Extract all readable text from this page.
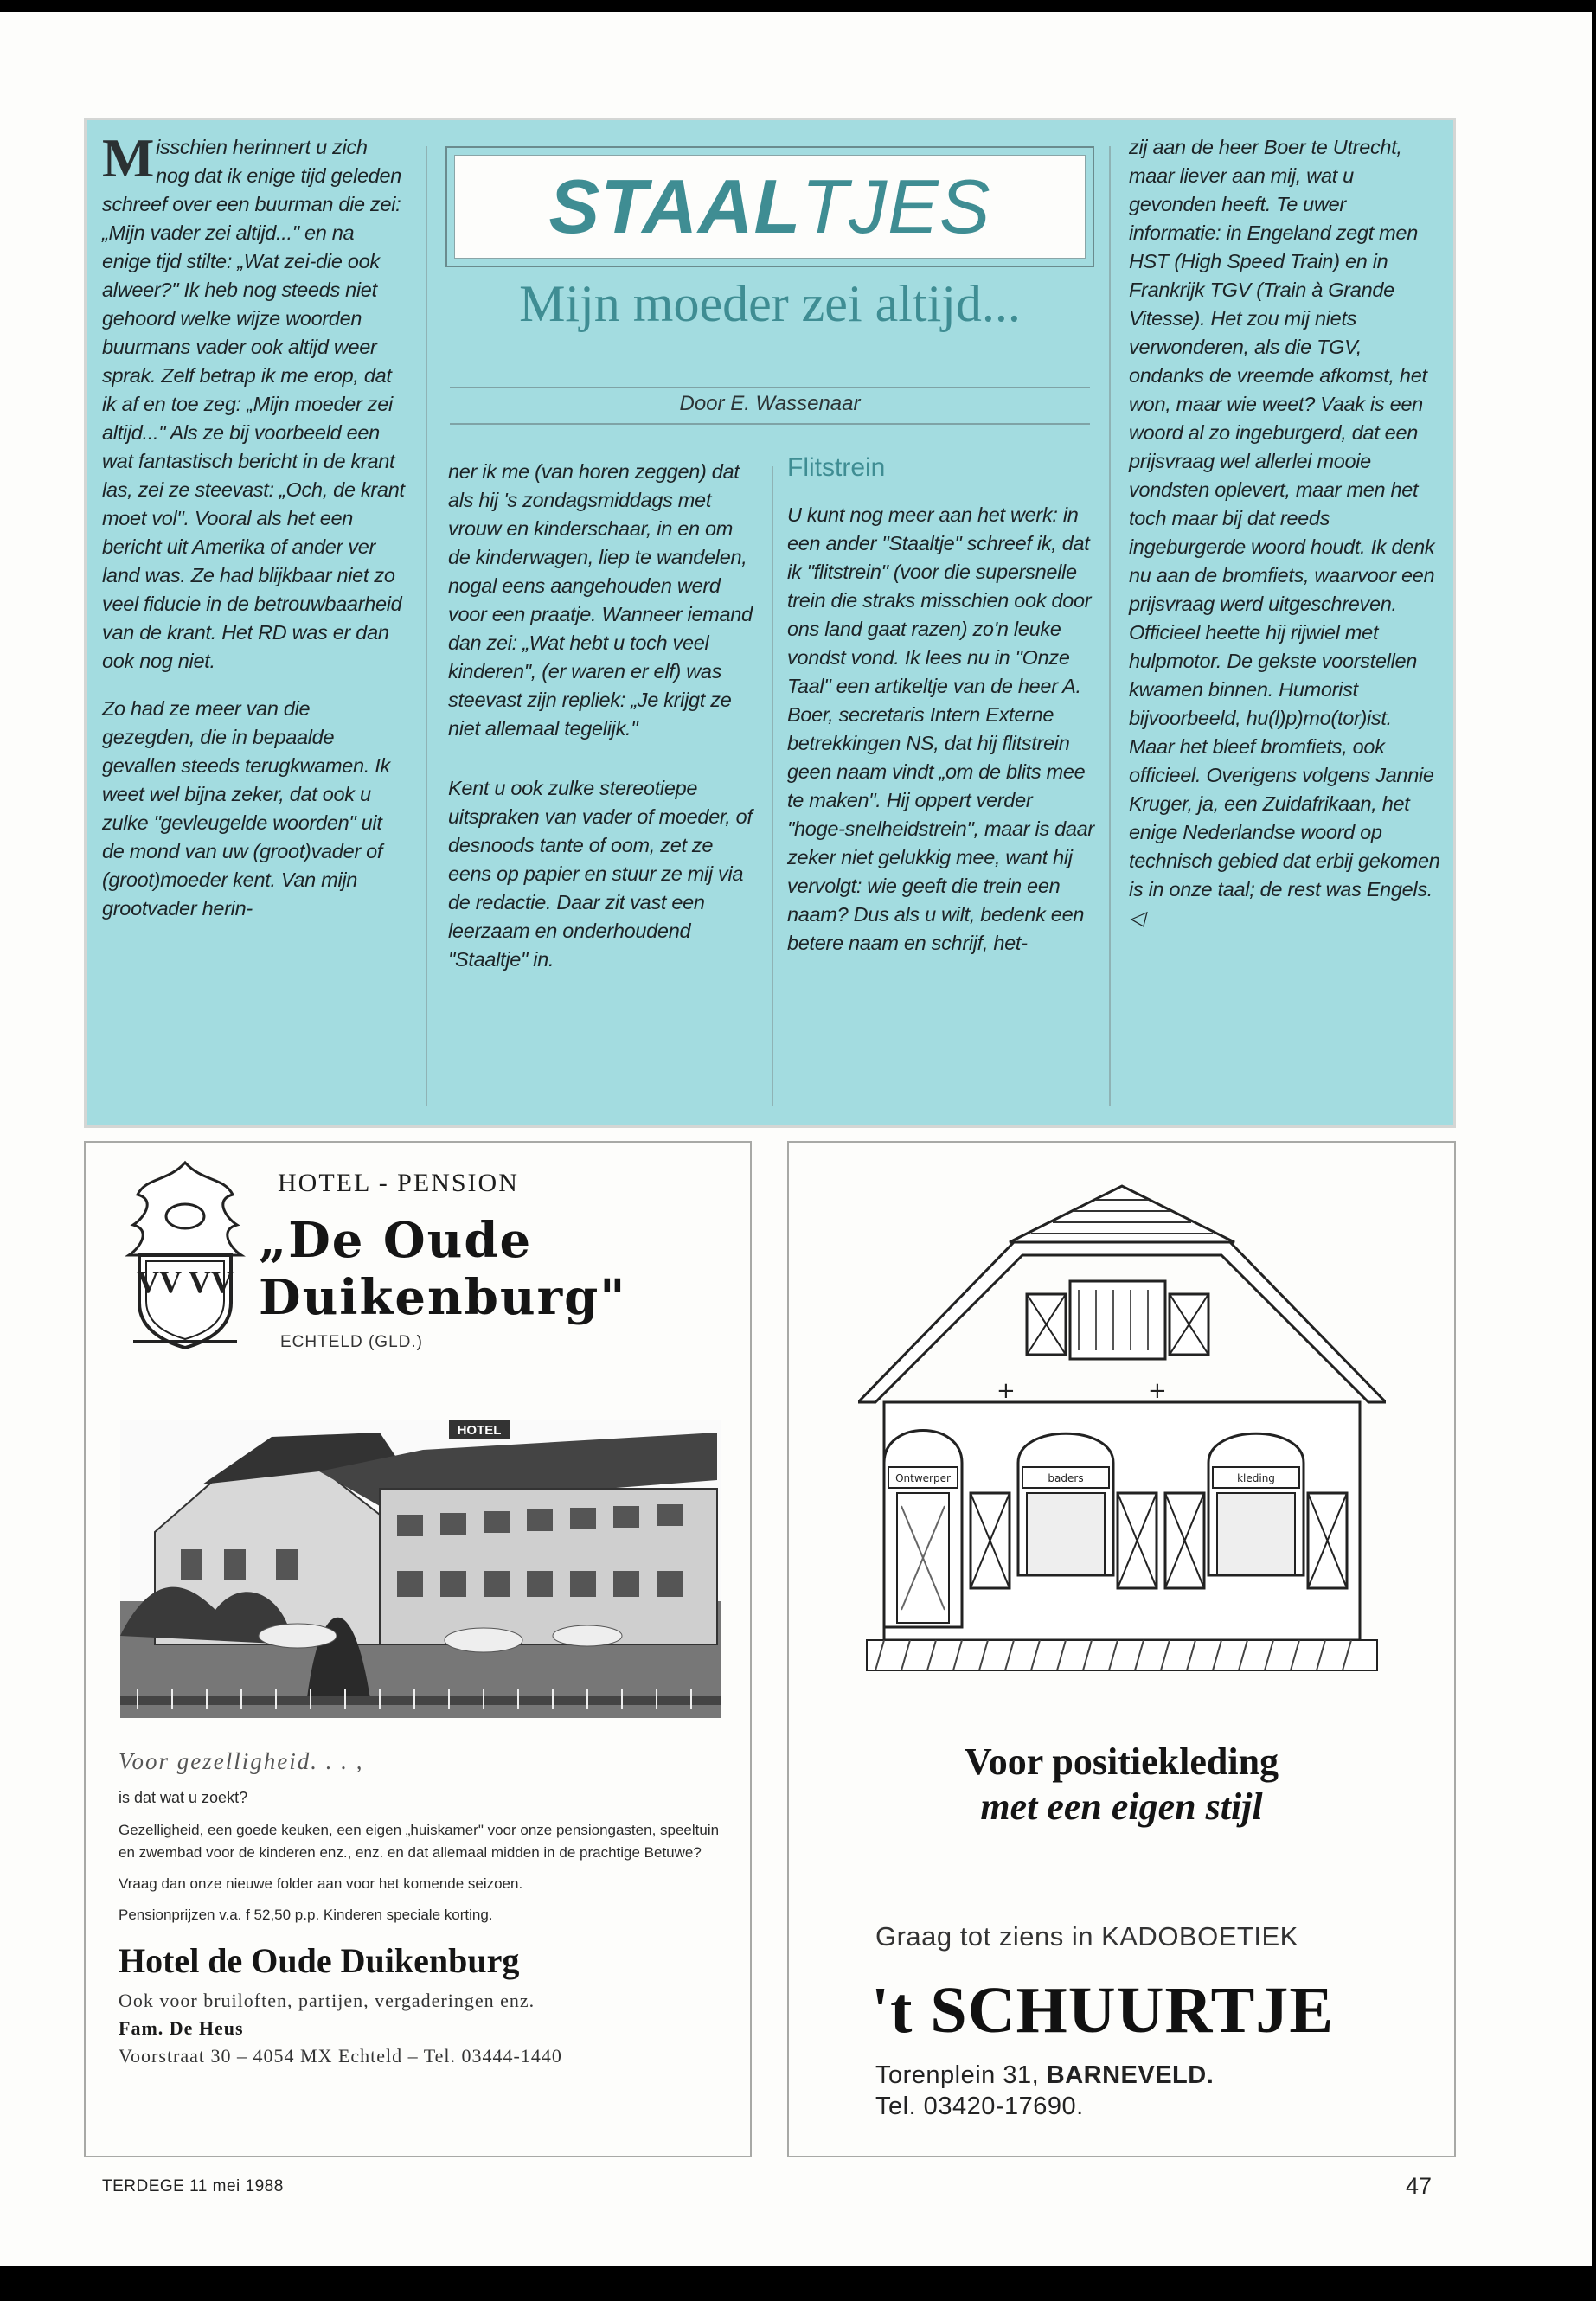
Misschien herinnert u zich nog dat ik enige tijd geleden schreef over een buurman die zei: „Mijn vader zei altijd..." en na enige tijd stilte: „Wat zei-die ook alweer?" Ik heb nog steeds niet gehoord welke wijze woorden buurmans vader ook altijd weer sprak. Zelf betrap ik me erop, dat ik af en toe zeg: „Mijn moeder zei altijd..." Als ze bij voorbeeld een wat fantastisch bericht in de krant las, zei ze steevast: „Och, de krant moet vol". Vooral als het een bericht uit Amerika of ander ver land was. Ze had blijkbaar niet zo veel fiducie in de betrouwbaarheid van de krant. Het RD was er dan ook nog niet.

Zo had ze meer van die gezegden, die in bepaalde gevallen steeds terugkwamen. Ik weet wel bijna zeker, dat ook u zulke "gevleugelde woorden" uit de mond van uw (groot)vader of (groot)moeder kent. Van mijn grootvader herin-

STAAL TJES
Mijn moeder zei altijd...
Door E. Wassenaar

ner ik me (van horen zeggen) dat als hij 's zondagsmiddags met vrouw en kinderschaar, in en om de kinderwagen, liep te wandelen, nogal eens aangehouden werd voor een praatje. Wanneer iemand dan zei: „Wat hebt u toch veel kinderen", (er waren er elf) was steevast zijn repliek: „Je krijgt ze niet allemaal tegelijk."

Kent u ook zulke stereotiepe uitspraken van vader of moeder, of desnoods tante of oom, zet ze eens op papier en stuur ze mij via de redactie. Daar zit vast een leerzaam en onderhoudend "Staaltje" in.

Flitstrein

U kunt nog meer aan het werk: in een ander "Staaltje" schreef ik, dat ik "flitstrein" (voor die supersnelle trein die straks misschien ook door ons land gaat razen) zo'n leuke vondst vond. Ik lees nu in "Onze Taal" een artikeltje van de heer A. Boer, secretaris Intern Externe betrekkingen NS, dat hij flitstrein geen naam vindt „om de blits mee te maken". Hij oppert verder "hoge-snelheidstrein", maar is daar zeker niet gelukkig mee, want hij vervolgt: wie geeft die trein een naam? Dus als u wilt, bedenk een betere naam en schrijf, het-

zij aan de heer Boer te Utrecht, maar liever aan mij, wat u gevonden heeft. Te uwer informatie: in Engeland zegt men HST (High Speed Train) en in Frankrijk TGV (Train à Grande Vitesse). Het zou mij niets verwonderen, als die TGV, ondanks de vreemde afkomst, het won, maar wie weet? Vaak is een woord al zo ingeburgerd, dat een prijsvraag wel allerlei mooie vondsten oplevert, maar men het toch maar bij dat reeds ingeburgerde woord houdt. Ik denk nu aan de bromfiets, waarvoor een prijsvraag werd uitgeschreven. Officieel heette hij rijwiel met hulpmotor. De gekste voorstellen kwamen binnen. Humorist bijvoorbeeld, hu(l)p)mo(tor)ist. Maar het bleef bromfiets, ook officieel. Overigens volgens Jannie Kruger, ja, een Zuidafrikaan, het enige Nederlandse woord op technisch gebied dat erbij gekomen is in onze taal; de rest was Engels. ◁

VV VV
HOTEL - PENSION
„De Oude Duikenburg"
ECHTELD (GLD.)
HOTEL

Voor gezelligheid. . . ,

is dat wat u zoekt?

Gezelligheid, een goede keuken, een eigen „huiskamer" voor onze pensiongasten, speeltuin en zwembad voor de kinderen enz., enz. en dat allemaal midden in de prachtige Betuwe?

Vraag dan onze nieuwe folder aan voor het komende seizoen.

Pensionprijzen v.a. f 52,50 p.p. Kinderen speciale korting.

Hotel de Oude Duikenburg

Ook voor bruiloften, partijen, vergaderingen enz.

Fam. De Heus

Voorstraat 30 – 4054 MX Echteld – Tel. 03444-1440

+	+
Ontwerper	baders	kleding
Voor positiekleding
met een eigen stijl
Graag tot ziens in KADOBOETIEK
't SCHUURTJE
Torenplein 31, BARNEVELD.
Tel. 03420-17690.
TERDEGE 11 mei 1988	47
